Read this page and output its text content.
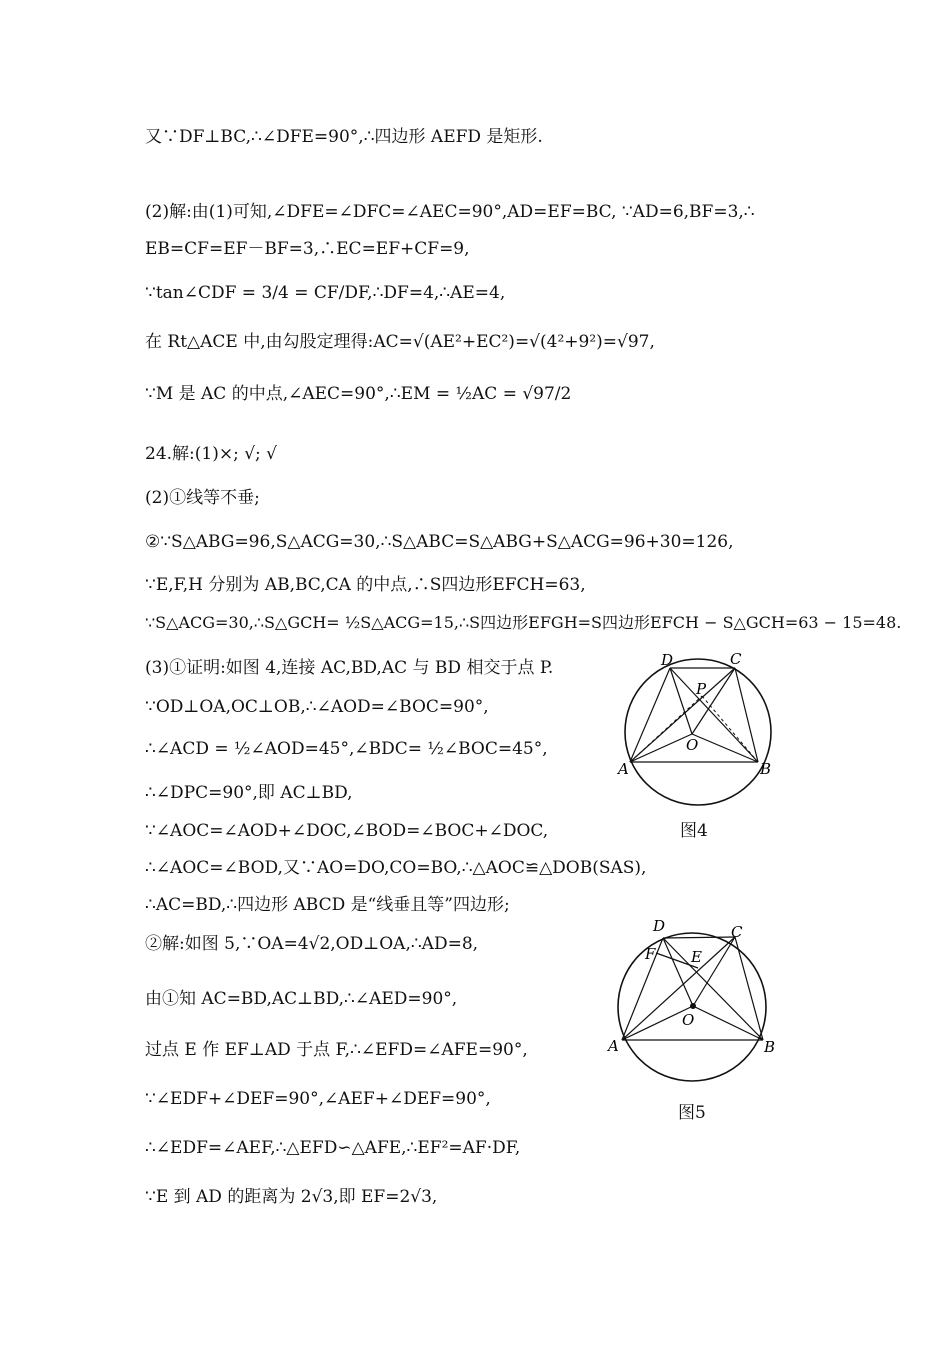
又∵DF⊥BC,∴∠DFE=90°,∴四边形 AEFD 是矩形.
(2)解:由(1)可知,∠DFE=∠DFC=∠AEC=90°,AD=EF=BC, ∵AD=6,BF=3,∴
EB=CF=EF－BF=3,∴EC=EF+CF=9,
∵tan∠CDF = 3/4 = CF/DF,∴DF=4,∴AE=4,
在 Rt△ACE 中,由勾股定理得:AC=√(AE²+EC²)=√(4²+9²)=√97,
∵M 是 AC 的中点,∠AEC=90°,∴EM = ½AC = √97/2
24.解:(1)×; √; √
(2)①线等不垂;
②∵S△ABG=96,S△ACG=30,∴S△ABC=S△ABG+S△ACG=96+30=126,
∵E,F,H 分别为 AB,BC,CA 的中点,∴S四边形EFCH=63,
∵S△ACG=30,∴S△GCH= ½S△ACG=15,∴S四边形EFGH=S四边形EFCH − S△GCH=63 − 15=48.
(3)①证明:如图 4,连接 AC,BD,AC 与 BD 相交于点 P.
∵OD⊥OA,OC⊥OB,∴∠AOD=∠BOC=90°,
∴∠ACD = ½∠AOD=45°,∠BDC= ½∠BOC=45°,
∴∠DPC=90°,即 AC⊥BD,
∵∠AOC=∠AOD+∠DOC,∠BOD=∠BOC+∠DOC,
∴∠AOC=∠BOD,又∵AO=DO,CO=BO,∴△AOC≌△DOB(SAS),
∴AC=BD,∴四边形 ABCD 是“线垂且等”四边形;
②解:如图 5,∵OA=4√2,OD⊥OA,∴AD=8,
由①知 AC=BD,AC⊥BD,∴∠AED=90°,
过点 E 作 EF⊥AD 于点 F,∴∠EFD=∠AFE=90°,
∵∠EDF+∠DEF=90°,∠AEF+∠DEF=90°,
∴∠EDF=∠AEF,∴△EFD∽△AFE,∴EF²=AF·DF,
∵E 到 AD 的距离为 2√3,即 EF=2√3,
D	C
P
O
A	B
图4
D	C
F E
O
A	B
图5
